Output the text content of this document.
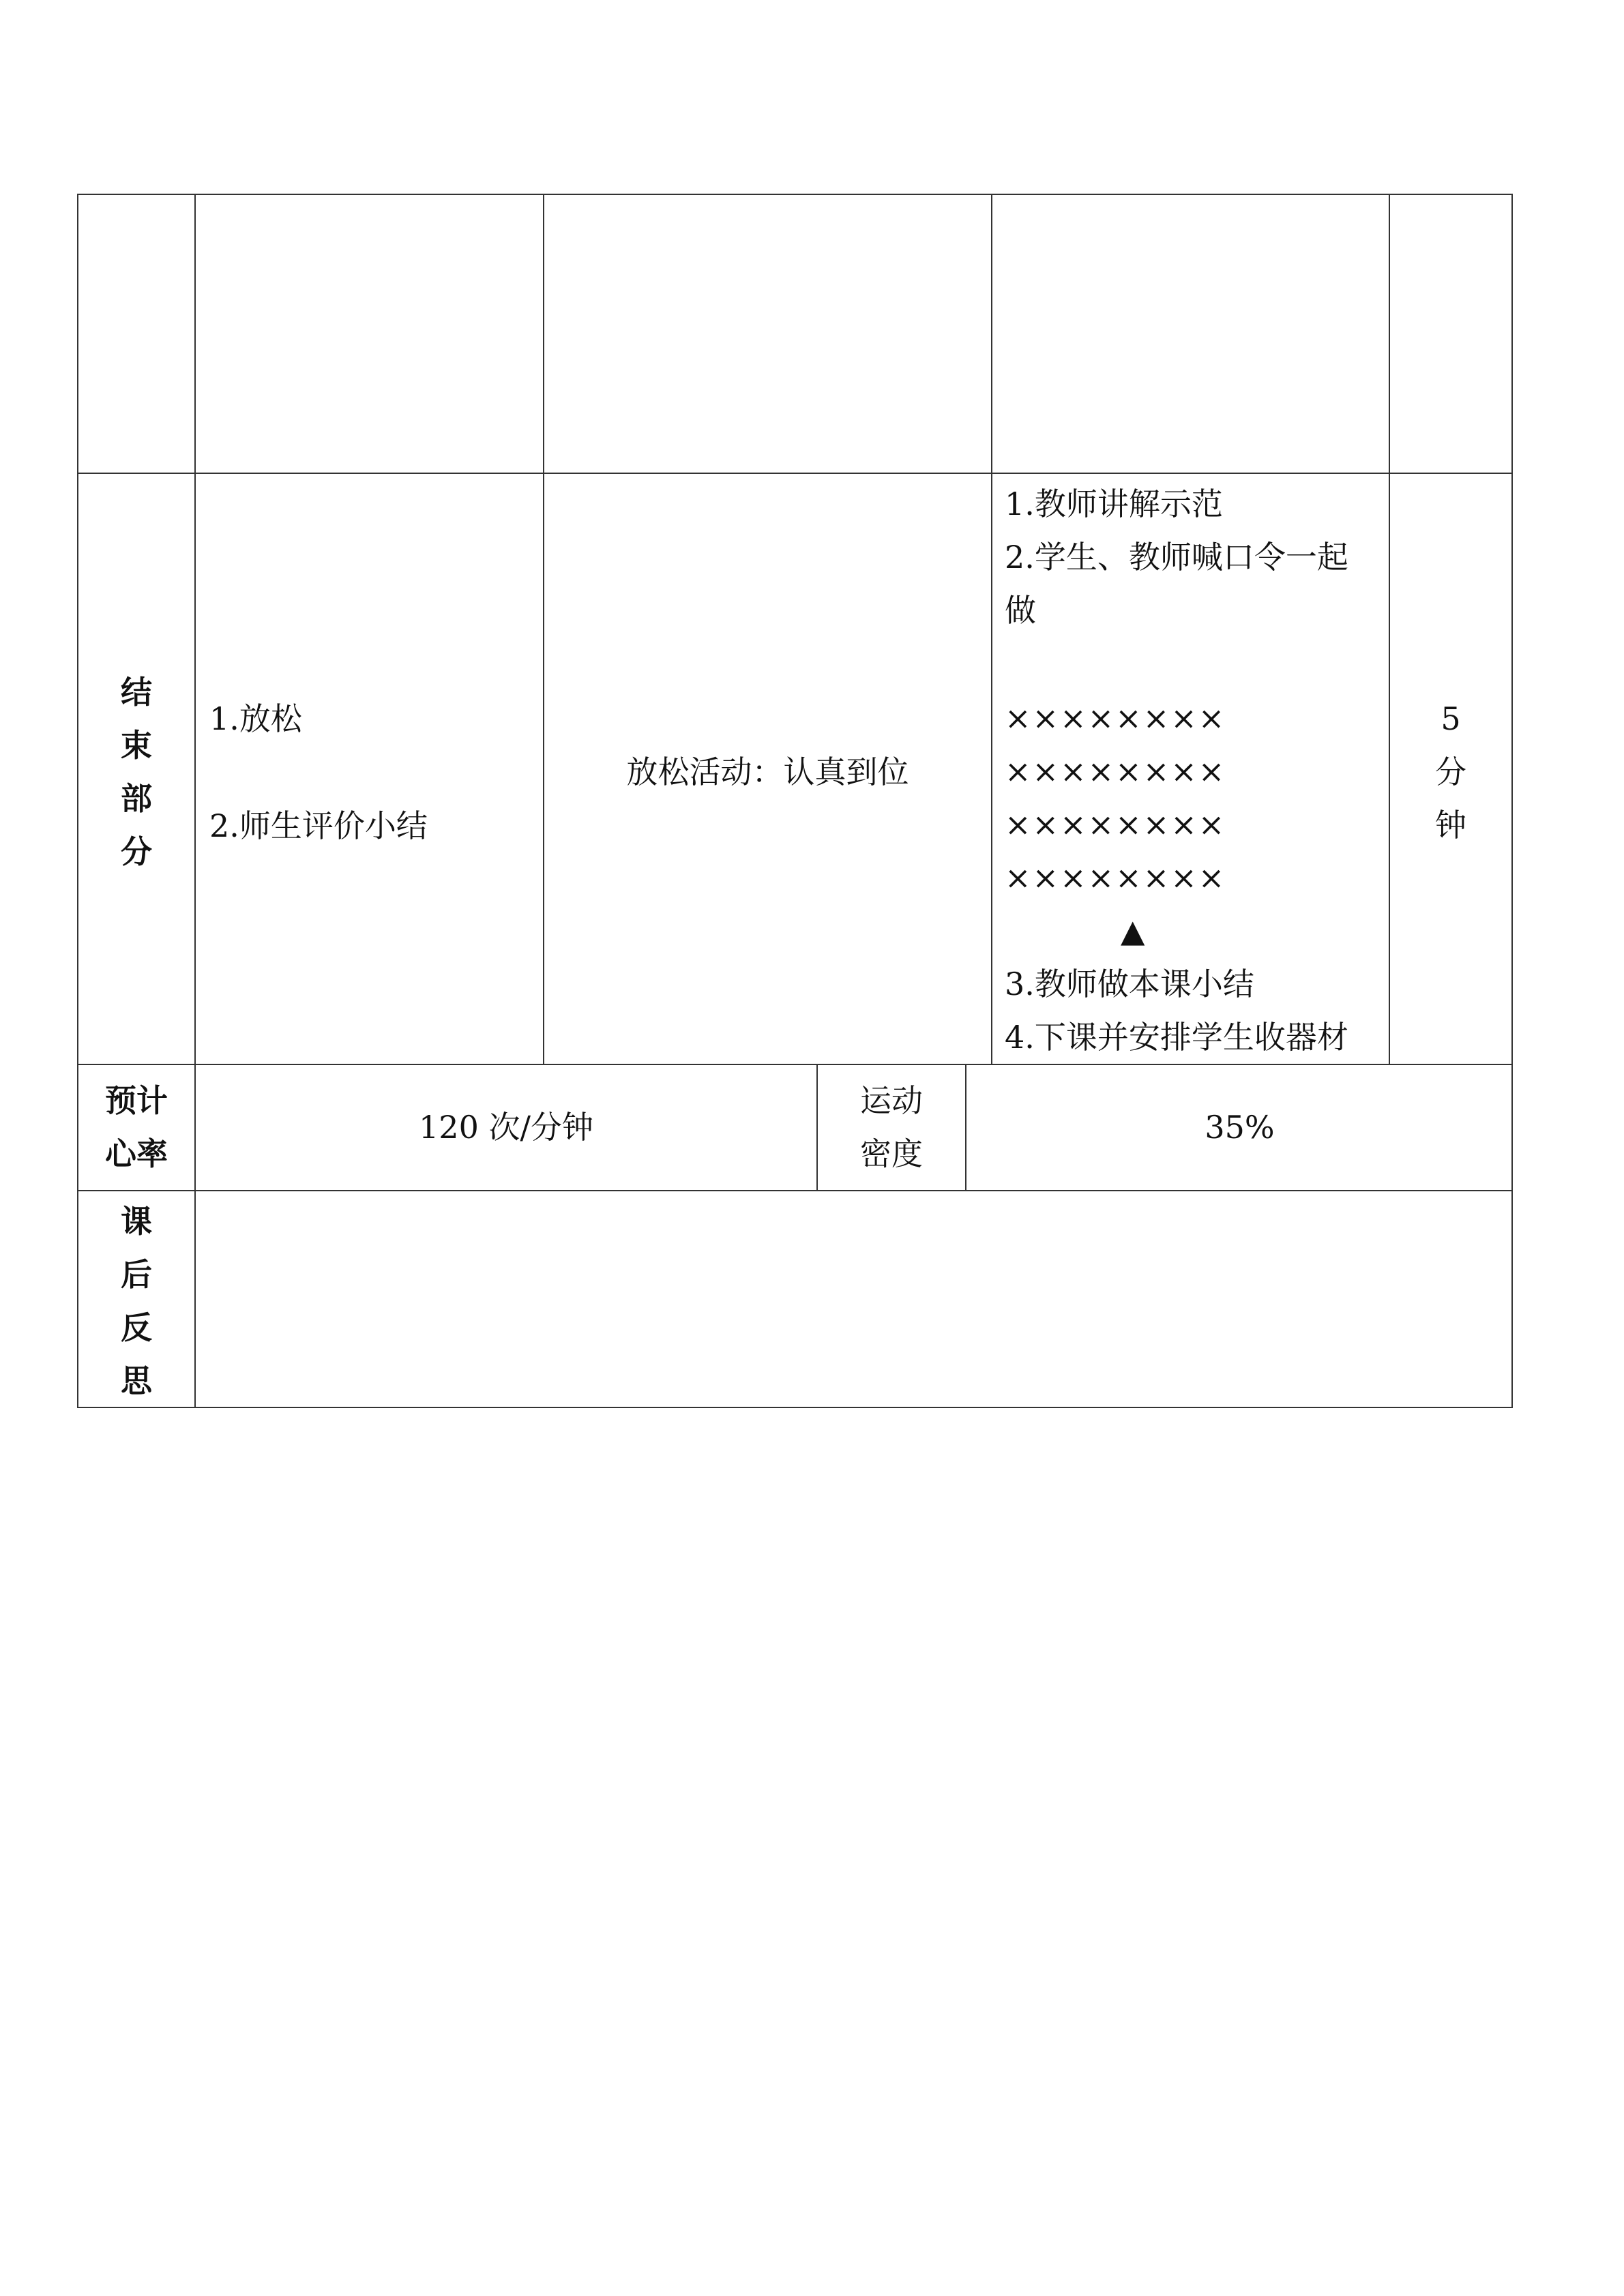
结
束
部
分
1.放松
2.师生评价小结
放松活动：认真到位
1.教师讲解示范
2.学生、教师喊口令一起
做
××××××××
××××××××
××××××××
××××××××
▲
3.教师做本课小结
4.下课并安排学生收器材
5
分
钟
预计
心率
120 次/分钟
运动
密度
35%
课
后
反
思
